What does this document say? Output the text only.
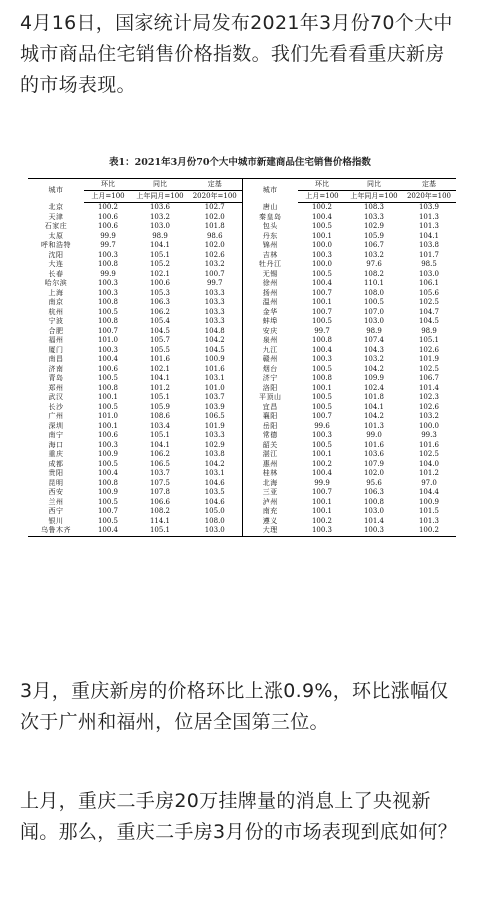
4月16日，国家统计局发布2021年3月份70个大中城市商品住宅销售价格指数。我们先看看重庆新房的市场表现。

表1：2021年3月份70个大中城市新建商品住宅销售价格指数
城市	环比	同比	定基	城市	环比	同比	定基
	上月=100	上年同月=100	2020年=100		上月=100	上年同月=100	2020年=100
北京	100.2	103.6	102.7	唐山	100.2	108.3	103.9
天津	100.6	103.2	102.0	秦皇岛	100.4	103.3	101.3
石家庄	100.6	103.0	101.8	包头	100.5	102.9	101.3
太原	99.9	98.9	98.6	丹东	100.1	105.9	104.1
呼和浩特	99.7	104.1	102.0	锦州	100.0	106.7	103.8
沈阳	100.3	105.1	102.6	吉林	100.3	103.2	101.7
大连	100.8	105.2	103.2	牡丹江	100.0	97.6	98.5
长春	99.9	102.1	100.7	无锡	100.5	108.2	103.0
哈尔滨	100.3	100.6	99.7	徐州	100.4	110.1	106.1
上海	100.3	105.3	103.3	扬州	100.7	108.0	105.6
南京	100.8	106.3	103.3	温州	100.1	100.5	102.5
杭州	100.5	106.2	103.3	金华	100.7	107.0	104.7
宁波	100.8	105.4	103.3	蚌埠	100.5	103.0	104.5
合肥	100.7	104.5	104.8	安庆	99.7	98.9	98.9
福州	101.0	105.7	104.2	泉州	100.8	107.4	105.1
厦门	100.3	105.5	104.5	九江	100.4	104.3	102.6
南昌	100.4	101.6	100.9	赣州	100.3	103.2	101.9
济南	100.6	102.1	101.6	烟台	100.5	104.2	102.5
青岛	100.5	104.1	103.1	济宁	100.8	109.9	106.7
郑州	100.8	101.2	101.0	洛阳	100.1	102.4	101.4
武汉	100.1	105.1	103.7	平顶山	100.5	101.8	102.3
长沙	100.5	105.9	103.9	宜昌	100.5	104.1	102.6
广州	101.0	108.6	106.5	襄阳	100.7	104.2	103.2
深圳	100.1	103.4	101.9	岳阳	99.6	101.3	100.0
南宁	100.6	105.1	103.3	常德	100.3	99.0	99.3
海口	100.3	104.1	102.9	韶关	100.5	101.6	101.6
重庆	100.9	106.2	103.8	湛江	100.1	103.6	102.5
成都	100.5	106.5	104.2	惠州	100.2	107.9	104.0
贵阳	100.4	103.7	103.1	桂林	100.4	102.0	101.2
昆明	100.8	107.5	104.6	北海	99.9	95.6	97.0
西安	100.9	107.8	103.5	三亚	100.7	106.3	104.4
兰州	100.5	106.6	104.6	泸州	100.1	100.8	100.9
西宁	100.7	108.2	105.0	南充	100.1	103.0	101.5
银川	100.5	114.1	108.0	遵义	100.2	101.4	101.3
乌鲁木齐	100.4	105.1	103.0	大理	100.3	100.3	100.2

3月，重庆新房的价格环比上涨0.9%，环比涨幅仅次于广州和福州，位居全国第三位。

上月，重庆二手房20万挂牌量的消息上了央视新闻。那么，重庆二手房3月份的市场表现到底如何？
